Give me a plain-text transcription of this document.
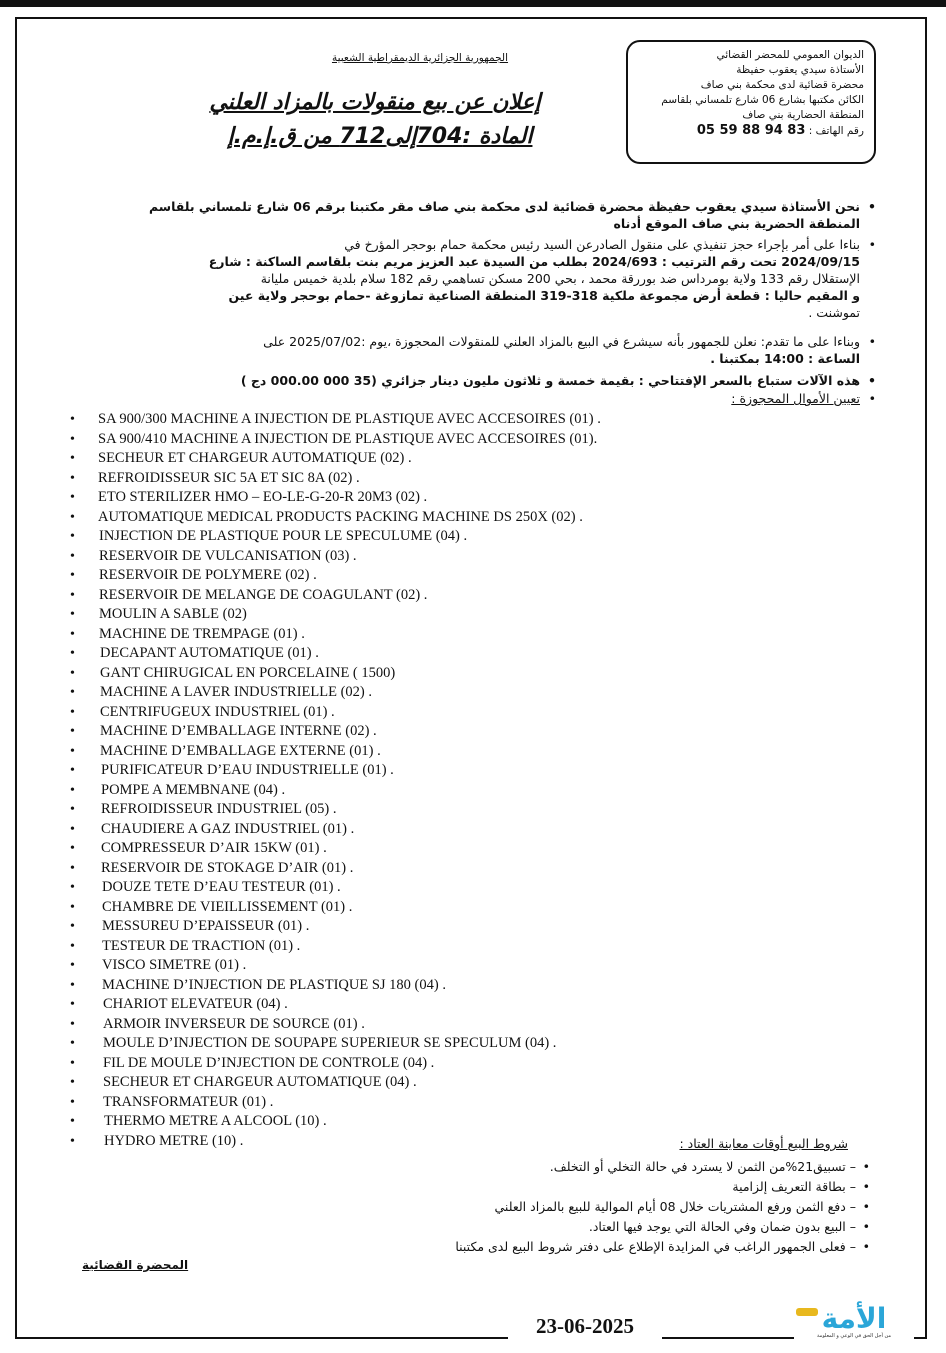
الديوان العمومي للمحضر القضائي
الأستاذة سيدي يعقوب حفيظة
محضرة قضائية لدى محكمة بني صاف
الكائن مكتبها بشارع 06 شارع تلمساني بلقاسم
المنطقة الحضارية بني صاف
رقم الهاتف : 05 59 88 94 83
الجمهورية الجزائرية الديمقراطية الشعبية
إعلان عن بيع منقولات بالمزاد العلني
المادة :704إلى712 من ق.إ.م.إ
نحن الأستاذة سيدي يعقوب حفيظة محضرة قضائية لدى محكمة بني صاف مقر مكتبنا برقم 06 شارع تلمساني بلقاسم المنطقة الحضرية بني صاف الموقع أدناه •
بناءا على أمر بإجراء حجز تنفيذي على منقول الصادرعن السيد رئيس محكمة حمام بوحجر المؤرخ في •
2024/09/15 تحت رقم الترتيب : 2024/693 بطلب من السيدة عبد العزيز مريم بنت بلقاسم الساكنة : شارع
الإستقلال رقم 133 ولاية بومرداس ضد بوررقة محمد ، بحي 200 مسكن تساهمي رقم 182 سلام بلدية خميس مليانة
و المقيم حاليا : قطعة أرض مجموعة ملكية 318-319 المنطقة الصناعية تمازوغة -حمام بوحجر ولاية عين
تموشنت .
وبناءا على ما تقدم: نعلن للجمهور بأنه سيشرع في البيع بالمزاد العلني للمنقولات المحجوزة ،يوم :2025/07/02 على •
الساعة : 14:00 بمكتبنا .
هذه الآلات ستباع بالسعر الإفتتاحي : بقيمة خمسة و ثلاثون مليون دينار جزائري (35 000 000.00 دج ) •
تعيين الأموال المحجوزة : •
• SA 900/300 MACHINE A INJECTION DE PLASTIQUE AVEC ACCESOIRES (01) .
• SA 900/410 MACHINE A INJECTION DE PLASTIQUE AVEC ACCESOIRES (01).
• SECHEUR ET CHARGEUR AUTOMATIQUE (02) .
• REFROIDISSEUR SIC 5A ET SIC 8A (02) .
• ETO STERILIZER HMO – EO-LE-G-20-R 20M3 (02) .
• AUTOMATIQUE MEDICAL PRODUCTS PACKING MACHINE DS 250X (02) .
• INJECTION DE PLASTIQUE POUR LE SPECULUME (04) .
• RESERVOIR DE VULCANISATION (03) .
• RESERVOIR DE POLYMERE (02) .
• RESERVOIR DE MELANGE DE COAGULANT (02) .
• MOULIN A SABLE (02)
• MACHINE DE TREMPAGE (01) .
• DECAPANT AUTOMATIQUE (01) .
• GANT CHIRUGICAL EN PORCELAINE ( 1500)
• MACHINE A LAVER INDUSTRIELLE (02) .
• CENTRIFUGEUX INDUSTRIEL (01) .
• MACHINE D’EMBALLAGE INTERNE (02) .
• MACHINE D’EMBALLAGE EXTERNE (01) .
• PURIFICATEUR D’EAU INDUSTRIELLE (01) .
• POMPE A MEMBNANE (04) .
• REFROIDISSEUR INDUSTRIEL (05) .
• CHAUDIERE A GAZ INDUSTRIEL (01) .
• COMPRESSEUR D’AIR 15KW (01) .
• RESERVOIR DE STOKAGE D’AIR (01) .
• DOUZE TETE D’EAU TESTEUR (01) .
• CHAMBRE DE VIEILLISSEMENT (01) .
• MESSUREU D’EPAISSEUR (01) .
• TESTEUR DE TRACTION (01) .
• VISCO SIMETRE (01) .
• MACHINE D’INJECTION DE PLASTIQUE SJ 180 (04) .
• CHARIOT ELEVATEUR (04) .
• ARMOIR INVERSEUR DE SOURCE (01) .
• MOULE D’INJECTION DE SOUPAPE SUPERIEUR SE SPECULUM (04) .
• FIL DE MOULE D’INJECTION DE CONTROLE (04) .
• SECHEUR ET CHARGEUR AUTOMATIQUE (04) .
• TRANSFORMATEUR (01) .
• THERMO METRE A ALCOOL (10) .
• HYDRO METRE (10) .	شروط البيع أوقات معاينة العتاد :
– تسبيق21%من الثمن لا يسترد في حالة التخلي أو التخلف. •
– بطاقة التعريف إلزامية •
– دفع الثمن ورفع المشتريات خلال 08 أيام الموالية للبيع بالمزاد العلني •
– البيع بدون ضمان وفي الحالة التي يوجد فيها العتاد. •
– فعلى الجمهور الراغب في المزايدة الإطلاع على دفتر شروط البيع لدى مكتبنا •
المحضرة القضائية
23-06-2025	الأمة
من أجل الحق في الوعي و المعلومة
